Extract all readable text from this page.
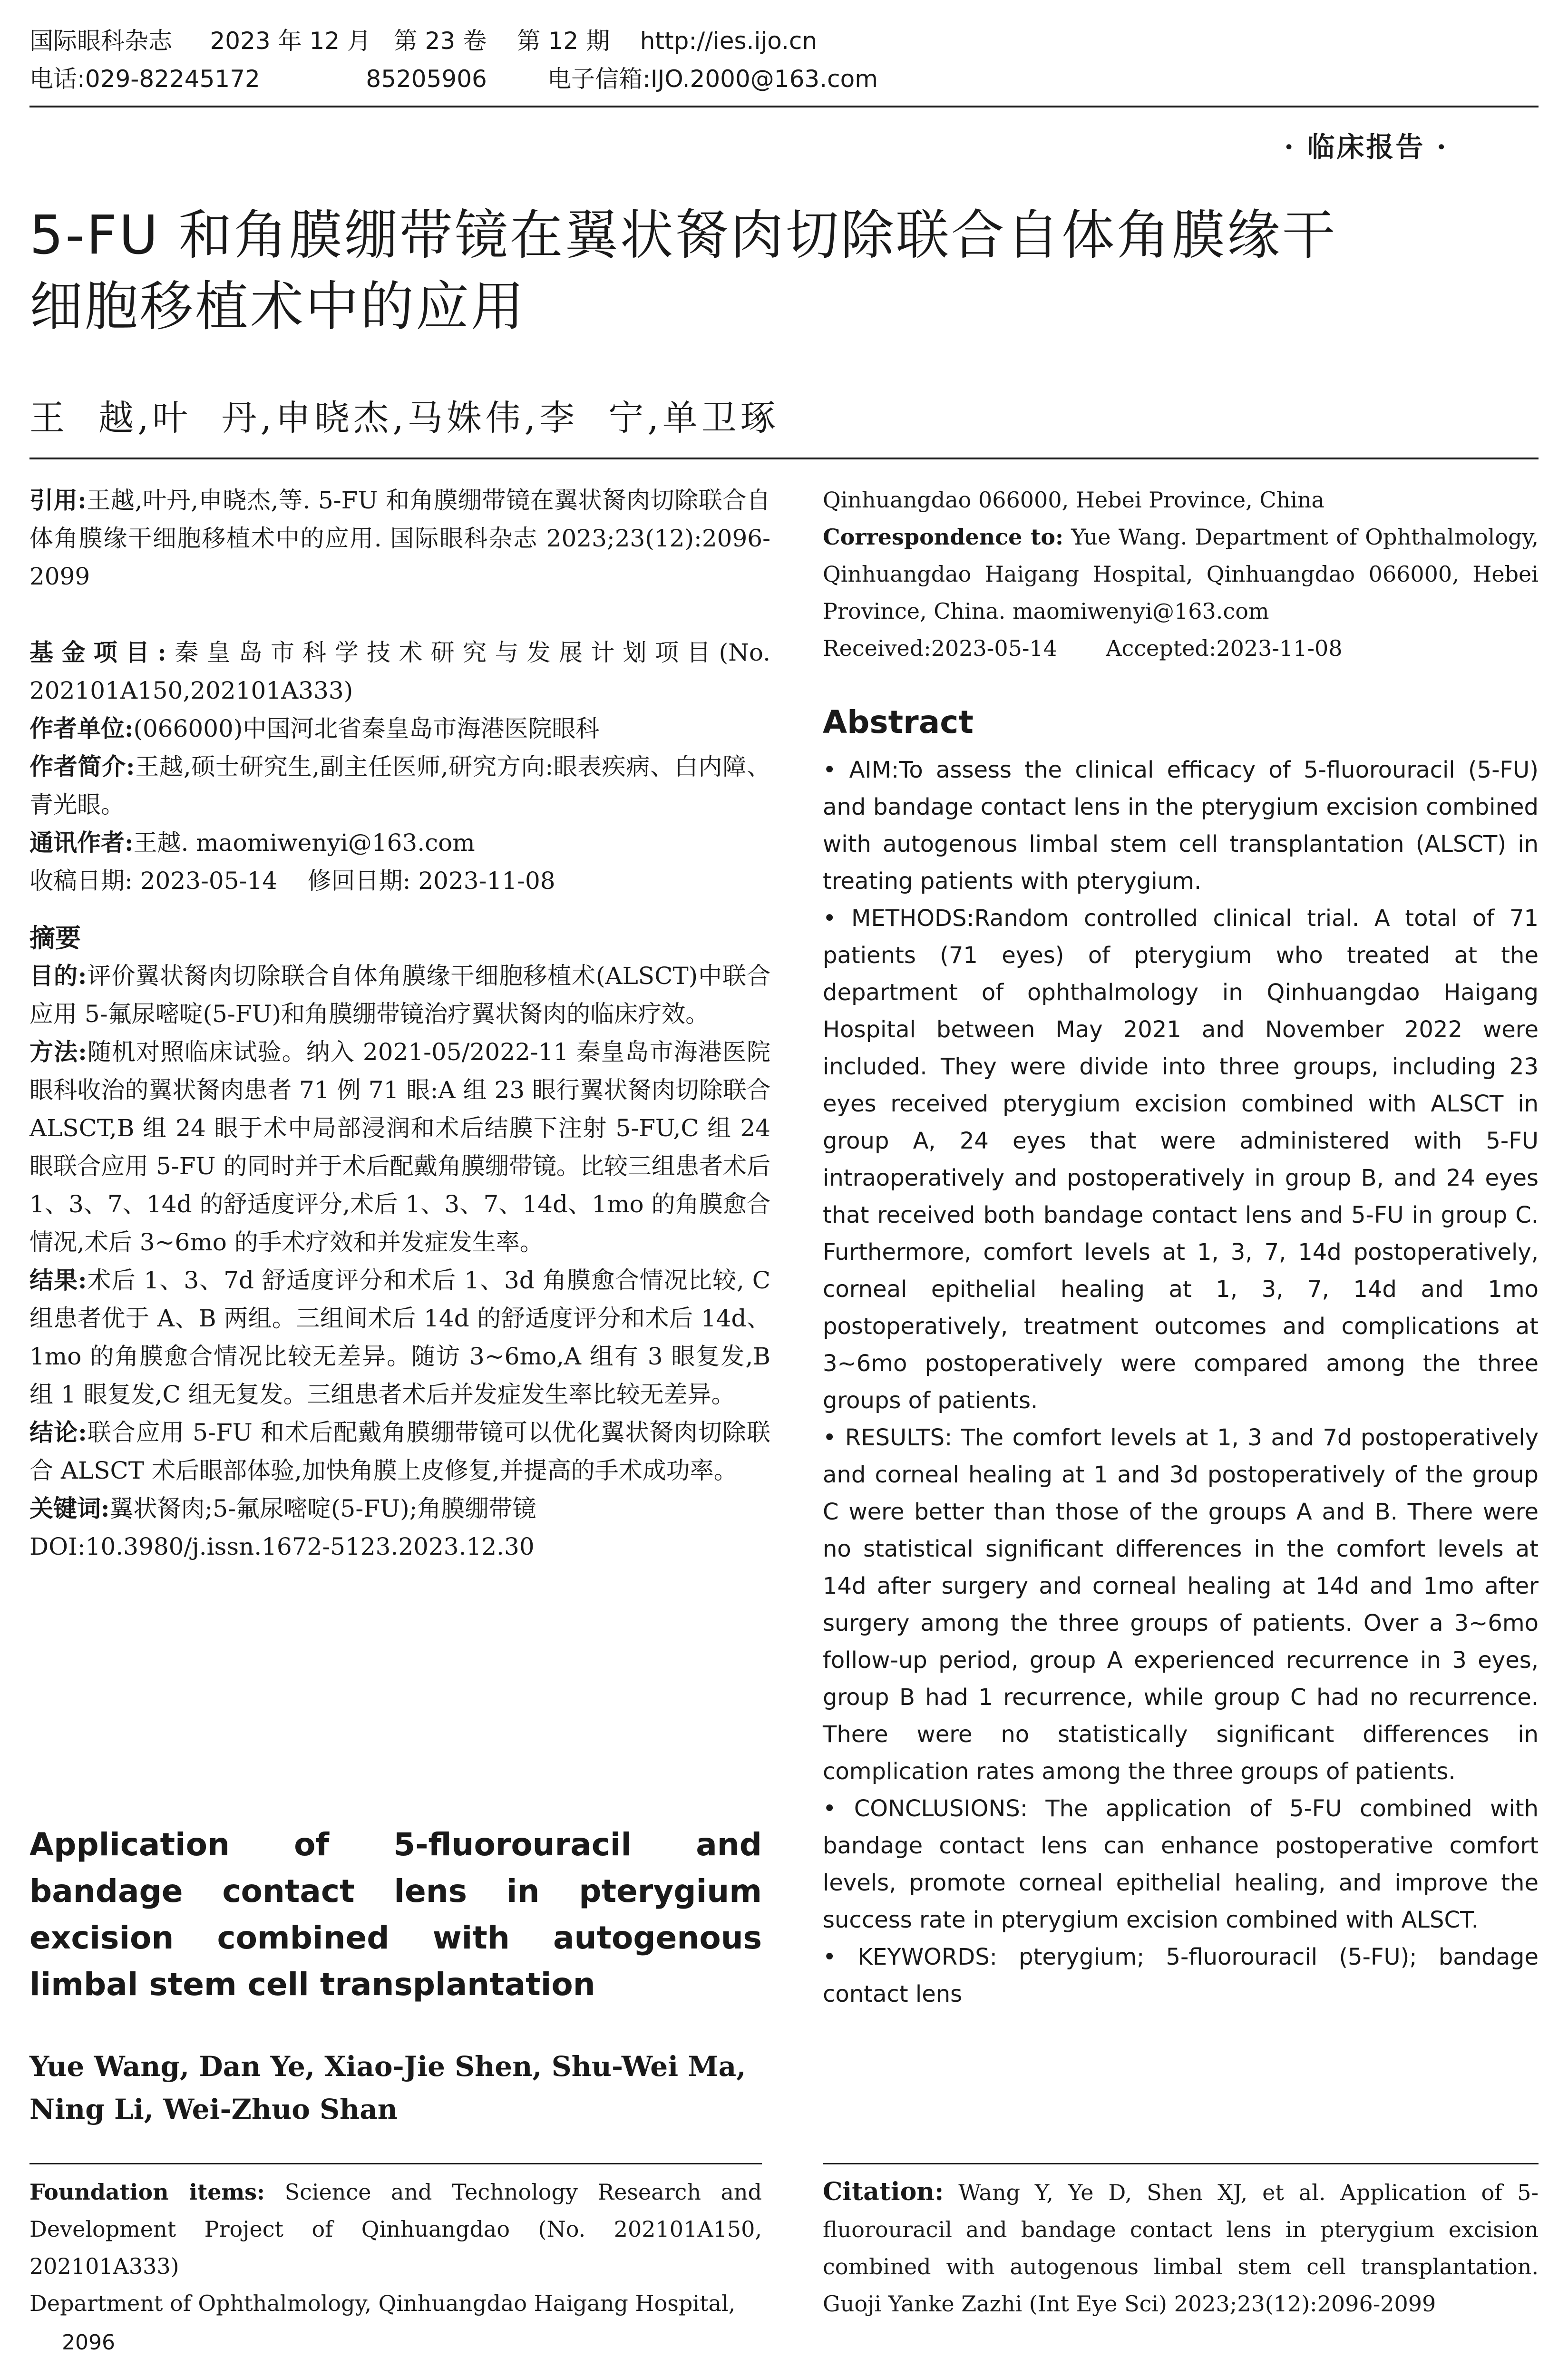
国际眼科杂志 2023 年 12 月 第 23 卷 第 12 期 http://ies.ijo.cn
电话:029-82245172	85205906	电子信箱:IJO.2000@163.com
· 临床报告 ·
5-FU 和角膜绷带镜在翼状胬肉切除联合自体角膜缘干
细胞移植术中的应用
王  越,叶  丹,申晓杰,马姝伟,李  宁,单卫琢

引用:王越,叶丹,申晓杰,等. 5-FU 和角膜绷带镜在翼状胬肉切除联合自体角膜缘干细胞移植术中的应用. 国际眼科杂志 2023;23(12):2096-2099

基金项目:秦皇岛市科学技术研究与发展计划项目(No. 202101A150,202101A333)

作者单位:(066000)中国河北省秦皇岛市海港医院眼科

作者简介:王越,硕士研究生,副主任医师,研究方向:眼表疾病、白内障、青光眼。

通讯作者:王越. maomiwenyi@163.com

收稿日期: 2023-05-14    修回日期: 2023-11-08

摘要

目的:评价翼状胬肉切除联合自体角膜缘干细胞移植术(ALSCT)中联合应用 5-氟尿嘧啶(5-FU)和角膜绷带镜治疗翼状胬肉的临床疗效。

方法:随机对照临床试验。纳入 2021-05/2022-11 秦皇岛市海港医院眼科收治的翼状胬肉患者 71 例 71 眼:A 组 23 眼行翼状胬肉切除联合 ALSCT,B 组 24 眼于术中局部浸润和术后结膜下注射 5-FU,C 组 24 眼联合应用 5-FU 的同时并于术后配戴角膜绷带镜。比较三组患者术后 1、3、7、14d 的舒适度评分,术后 1、3、7、14d、1mo 的角膜愈合情况,术后 3~6mo 的手术疗效和并发症发生率。

结果:术后 1、3、7d 舒适度评分和术后 1、3d 角膜愈合情况比较, C 组患者优于 A、B 两组。三组间术后 14d 的舒适度评分和术后 14d、1mo 的角膜愈合情况比较无差异。随访 3~6mo,A 组有 3 眼复发,B 组 1 眼复发,C 组无复发。三组患者术后并发症发生率比较无差异。

结论:联合应用 5-FU 和术后配戴角膜绷带镜可以优化翼状胬肉切除联合 ALSCT 术后眼部体验,加快角膜上皮修复,并提高的手术成功率。

关键词:翼状胬肉;5-氟尿嘧啶(5-FU);角膜绷带镜

DOI:10.3980/j.issn.1672-5123.2023.12.30

Application of 5-fluorouracil and bandage contact lens in pterygium excision combined with autogenous limbal stem cell transplantation
Yue Wang, Dan Ye, Xiao-Jie Shen, Shu-Wei Ma, Ning Li, Wei-Zhuo Shan

Foundation items: Science and Technology Research and Development Project of Qinhuangdao (No. 202101A150, 202101A333)

Department of Ophthalmology, Qinhuangdao Haigang Hospital,

Qinhuangdao 066000, Hebei Province, China

Correspondence to: Yue Wang. Department of Ophthalmology, Qinhuangdao Haigang Hospital, Qinhuangdao 066000, Hebei Province, China. maomiwenyi@163.com

Received:2023-05-14 Accepted:2023-11-08

Abstract

• AIM:To assess the clinical efficacy of 5-fluorouracil (5-FU) and bandage contact lens in the pterygium excision combined with autogenous limbal stem cell transplantation (ALSCT) in treating patients with pterygium.

• METHODS:Random controlled clinical trial. A total of 71 patients (71 eyes) of pterygium who treated at the department of ophthalmology in Qinhuangdao Haigang Hospital between May 2021 and November 2022 were included. They were divide into three groups, including 23 eyes received pterygium excision combined with ALSCT in group A, 24 eyes that were administered with 5-FU intraoperatively and postoperatively in group B, and 24 eyes that received both bandage contact lens and 5-FU in group C. Furthermore, comfort levels at 1, 3, 7, 14d postoperatively, corneal epithelial healing at 1, 3, 7, 14d and 1mo postoperatively, treatment outcomes and complications at 3~6mo postoperatively were compared among the three groups of patients.

• RESULTS: The comfort levels at 1, 3 and 7d postoperatively and corneal healing at 1 and 3d postoperatively of the group C were better than those of the groups A and B. There were no statistical significant differences in the comfort levels at 14d after surgery and corneal healing at 14d and 1mo after surgery among the three groups of patients. Over a 3~6mo follow-up period, group A experienced recurrence in 3 eyes, group B had 1 recurrence, while group C had no recurrence. There were no statistically significant differences in complication rates among the three groups of patients.

• CONCLUSIONS: The application of 5-FU combined with bandage contact lens can enhance postoperative comfort levels, promote corneal epithelial healing, and improve the success rate in pterygium excision combined with ALSCT.

• KEYWORDS: pterygium; 5-fluorouracil (5-FU); bandage contact lens

Citation: Wang Y, Ye D, Shen XJ, et al. Application of 5-fluorouracil and bandage contact lens in pterygium excision combined with autogenous limbal stem cell transplantation. Guoji Yanke Zazhi (Int Eye Sci) 2023;23(12):2096-2099

2096
